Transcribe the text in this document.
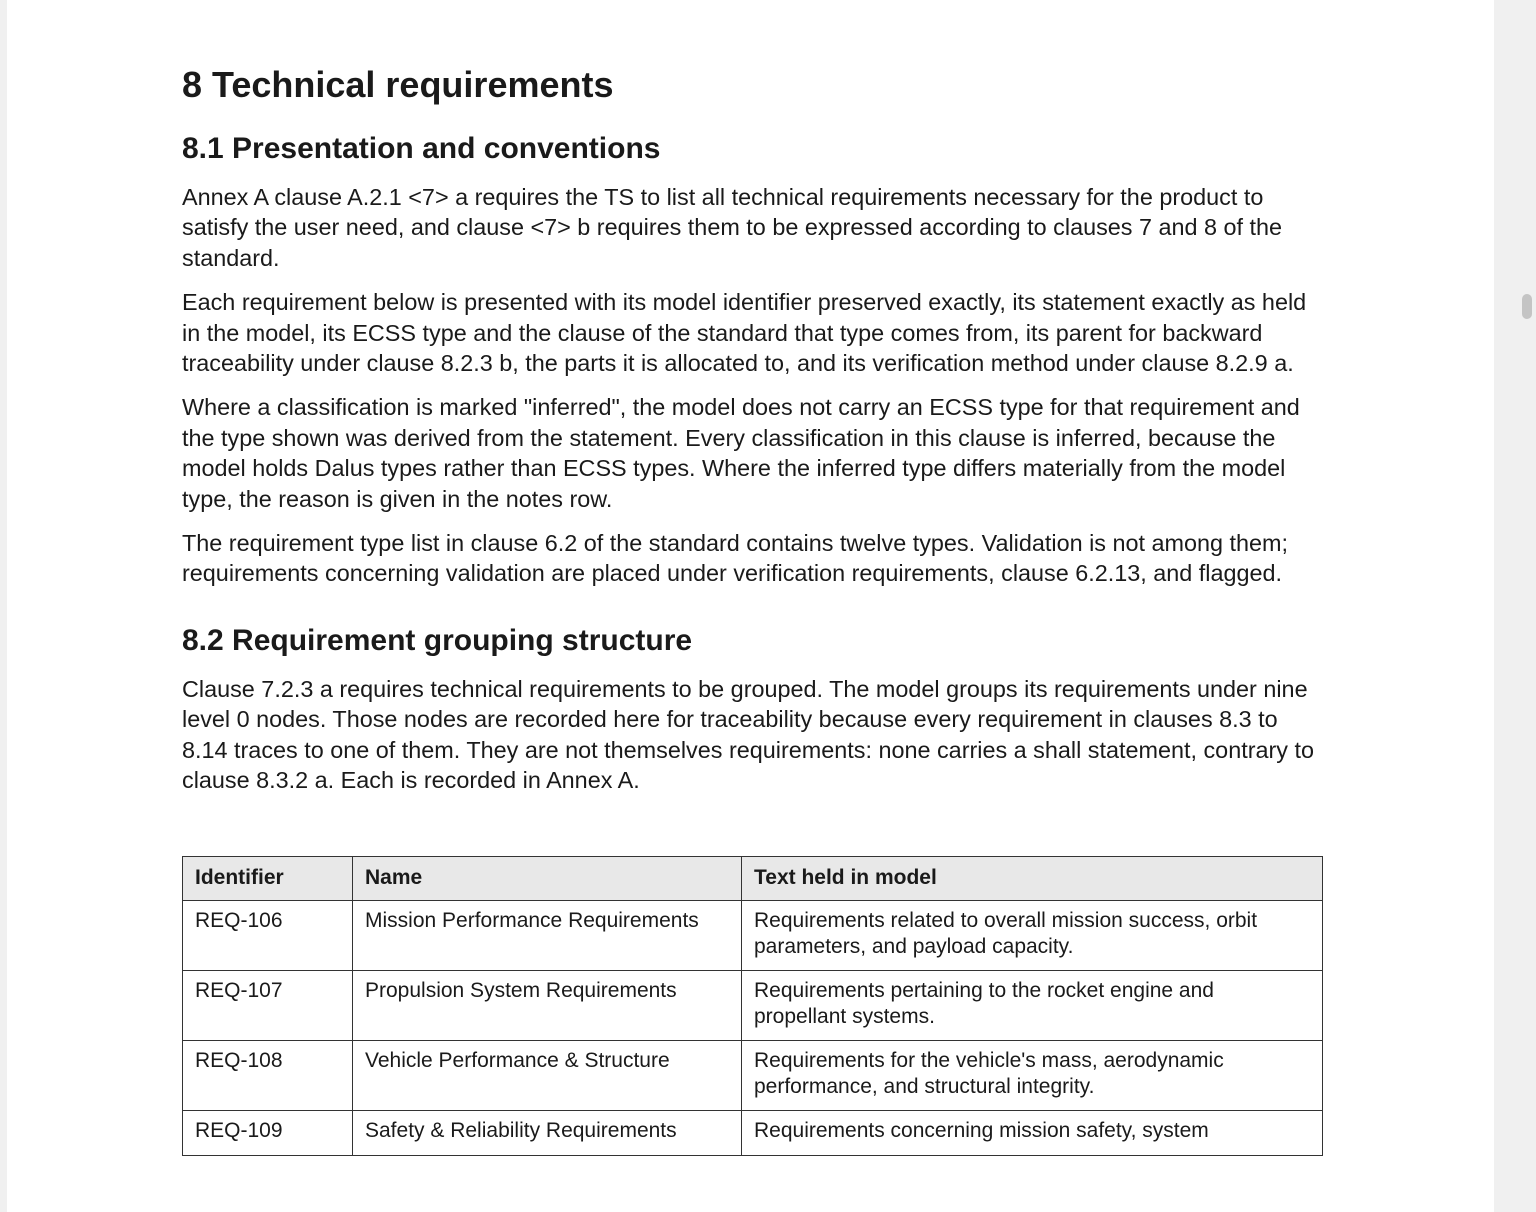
8 Technical requirements
8.1 Presentation and conventions

Annex A clause A.2.1 <7> a requires the TS to list all technical requirements necessary for the product to satisfy the user need, and clause <7> b requires them to be expressed according to clauses 7 and 8 of the standard.

Each requirement below is presented with its model identifier preserved exactly, its statement exactly as held in the model, its ECSS type and the clause of the standard that type comes from, its parent for backward traceability under clause 8.2.3 b, the parts it is allocated to, and its verification method under clause 8.2.9 a.

Where a classification is marked "inferred", the model does not carry an ECSS type for that requirement and the type shown was derived from the statement. Every classification in this clause is inferred, because the model holds Dalus types rather than ECSS types. Where the inferred type differs materially from the model type, the reason is given in the notes row.

The requirement type list in clause 6.2 of the standard contains twelve types. Validation is not among them; requirements concerning validation are placed under verification requirements, clause 6.2.13, and flagged.

8.2 Requirement grouping structure

Clause 7.2.3 a requires technical requirements to be grouped. The model groups its requirements under nine level 0 nodes. Those nodes are recorded here for traceability because every requirement in clauses 8.3 to 8.14 traces to one of them. They are not themselves requirements: none carries a shall statement, contrary to clause 8.3.2 a. Each is recorded in Annex A.

Identifier	Name	Text held in model
REQ-106	Mission Performance Requirements	Requirements related to overall mission success, orbit parameters, and payload capacity.
REQ-107	Propulsion System Requirements	Requirements pertaining to the rocket engine and propellant systems.
REQ-108	Vehicle Performance & Structure	Requirements for the vehicle's mass, aerodynamic performance, and structural integrity.
REQ-109	Safety & Reliability Requirements	Requirements concerning mission safety, system
